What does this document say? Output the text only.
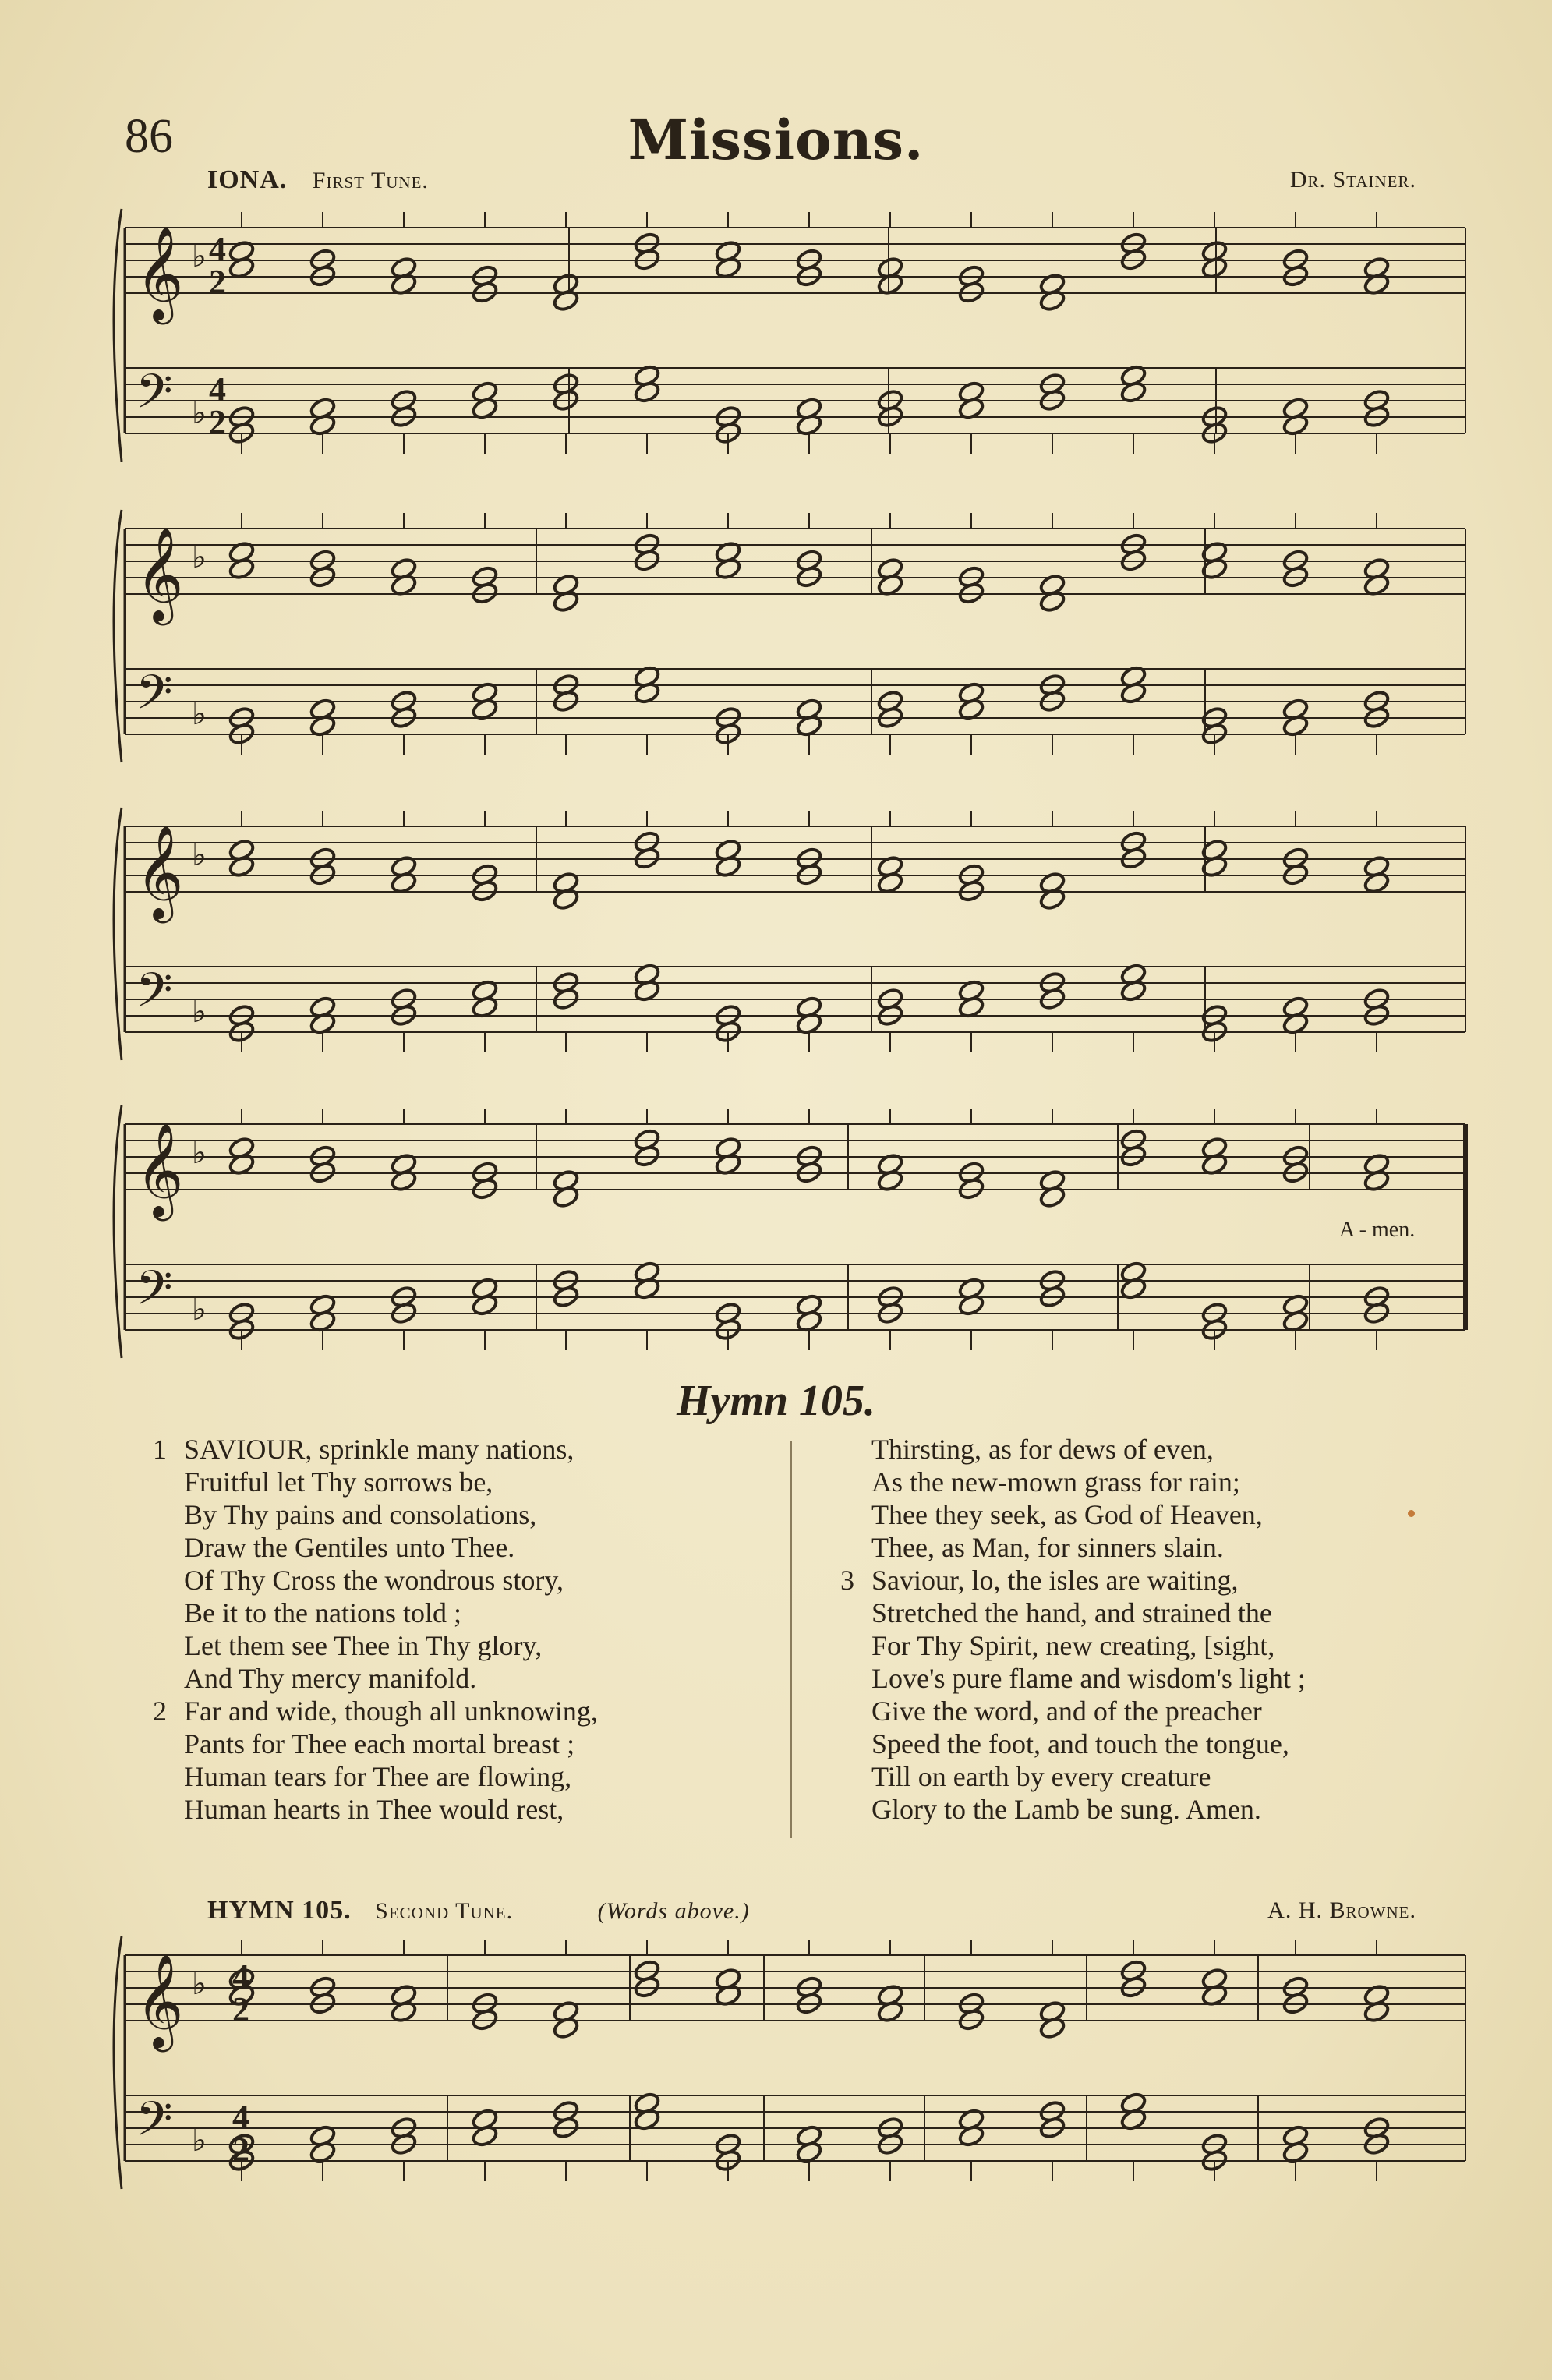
86	Missions.
IONA. First Tune.	Dr. Stainer.
𝄞
𝄢
♭
♭
4
2
4
2
𝄞
𝄢
♭
♭
𝄞
𝄢
♭
♭
𝄞
𝄢
♭
♭
𝄞
𝄢
♭
♭
4
2
4
2
A - men.
Hymn 105.
1 SAVIOUR, sprinkle many nations,
Fruitful let Thy sorrows be,
By Thy pains and consolations,
Draw the Gentiles unto Thee.
Of Thy Cross the wondrous story,
Be it to the nations told ;
Let them see Thee in Thy glory,
And Thy mercy manifold.
2 Far and wide, though all unknowing,
Pants for Thee each mortal breast ;
Human tears for Thee are flowing,
Human hearts in Thee would rest,
Thirsting, as for dews of even,
As the new-mown grass for rain;
Thee they seek, as God of Heaven,
Thee, as Man, for sinners slain.
3 Saviour, lo, the isles are waiting,
Stretched the hand, and strained the
For Thy Spirit, new creating, [sight,
Love's pure flame and wisdom's light ;
Give the word, and of the preacher
Speed the foot, and touch the tongue,
Till on earth by every creature
Glory to the Lamb be sung. Amen.
HYMN 105. Second Tune.	(Words above.)	A. H. Browne.
